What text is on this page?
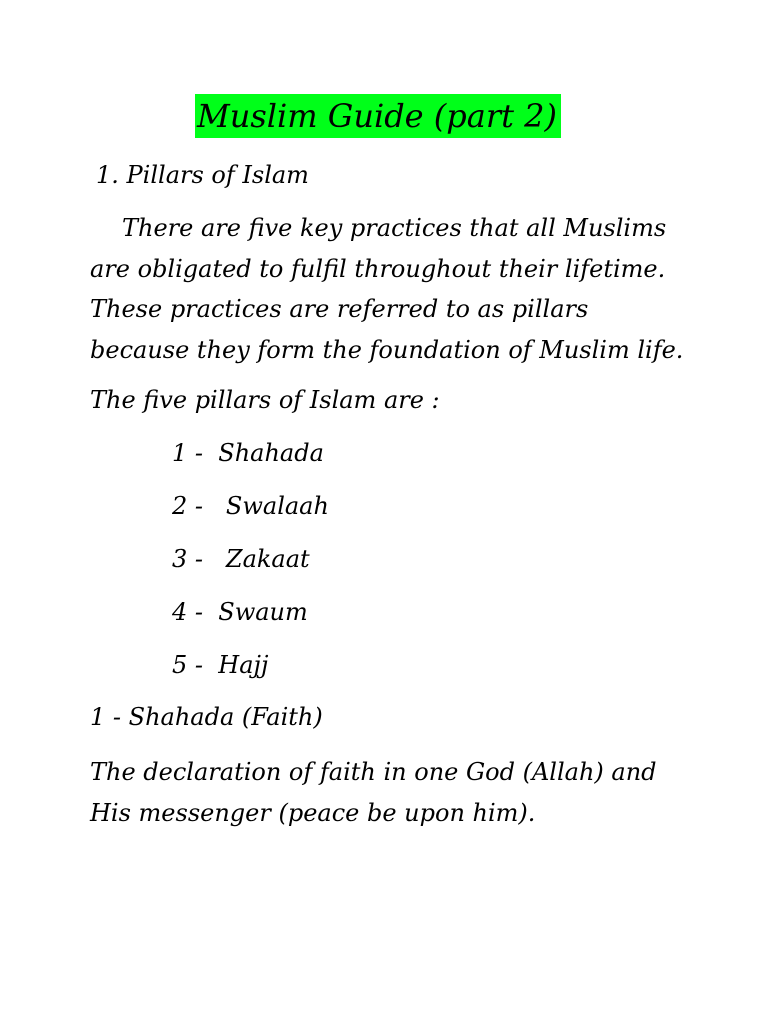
Muslim Guide (part 2)
1. Pillars of Islam

There are five key practices that all Muslims are obligated to fulfil throughout their lifetime. These practices are referred to as pillars because they form the foundation of Muslim life.

The five pillars of Islam are :
1 -  Shahada
2 -   Swalaah
3 -   Zakaat
4 -  Swaum
5 -  Hajj
1 - Shahada (Faith)

The declaration of faith in one God (Allah) and His messenger (peace be upon him).
